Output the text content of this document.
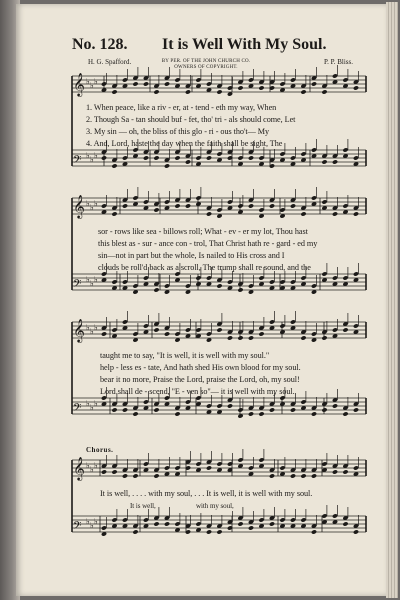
No. 128. It is Well With My Soul.
H. G. Spafford.	BY PER. OF THE JOHN CHURCH CO.
OWNERS OF COPYRIGHT.
P. P. Bliss.
𝄞 ♭ ♭ ♭
𝄢 ♭ ♭ ♭
𝄞 ♭ ♭ ♭
𝄢 ♭ ♭ ♭
𝄞 ♭ ♭ ♭
𝄢 ♭ ♭ ♭
𝄞 ♭ ♭ ♭
𝄢 ♭ ♭ ♭
1. When peace, like a riv - er, at - tend - eth my way, When
2. Though Sa - tan should buf - fet, tho' tri - als should come, Let
3. My sin — oh, the bliss of this glo - ri - ous tho't— My
4. And, Lord, haste the day when the faith shall be sight, The
sor - rows like sea - billows roll; What - ev - er my lot, Thou hast
this blest as - sur - ance con - trol, That Christ hath re - gard - ed my
sin—not in part but the whole, Is nailed to His cross and I
clouds be roll'd back as a scroll, The trump shall re sound, and the
taught me to say, "It is well, it is well with my soul."
help - less es - tate, And hath shed His own blood for my soul.
bear it no more, Praise the Lord, praise the Lord, oh, my soul!
Lord shall de - scend, "E - ven so"— it is well with my soul.
Chorus.
It is well, . . . . with my soul, . . . It is well, it is well with my soul.
It is well,	with my soul,
